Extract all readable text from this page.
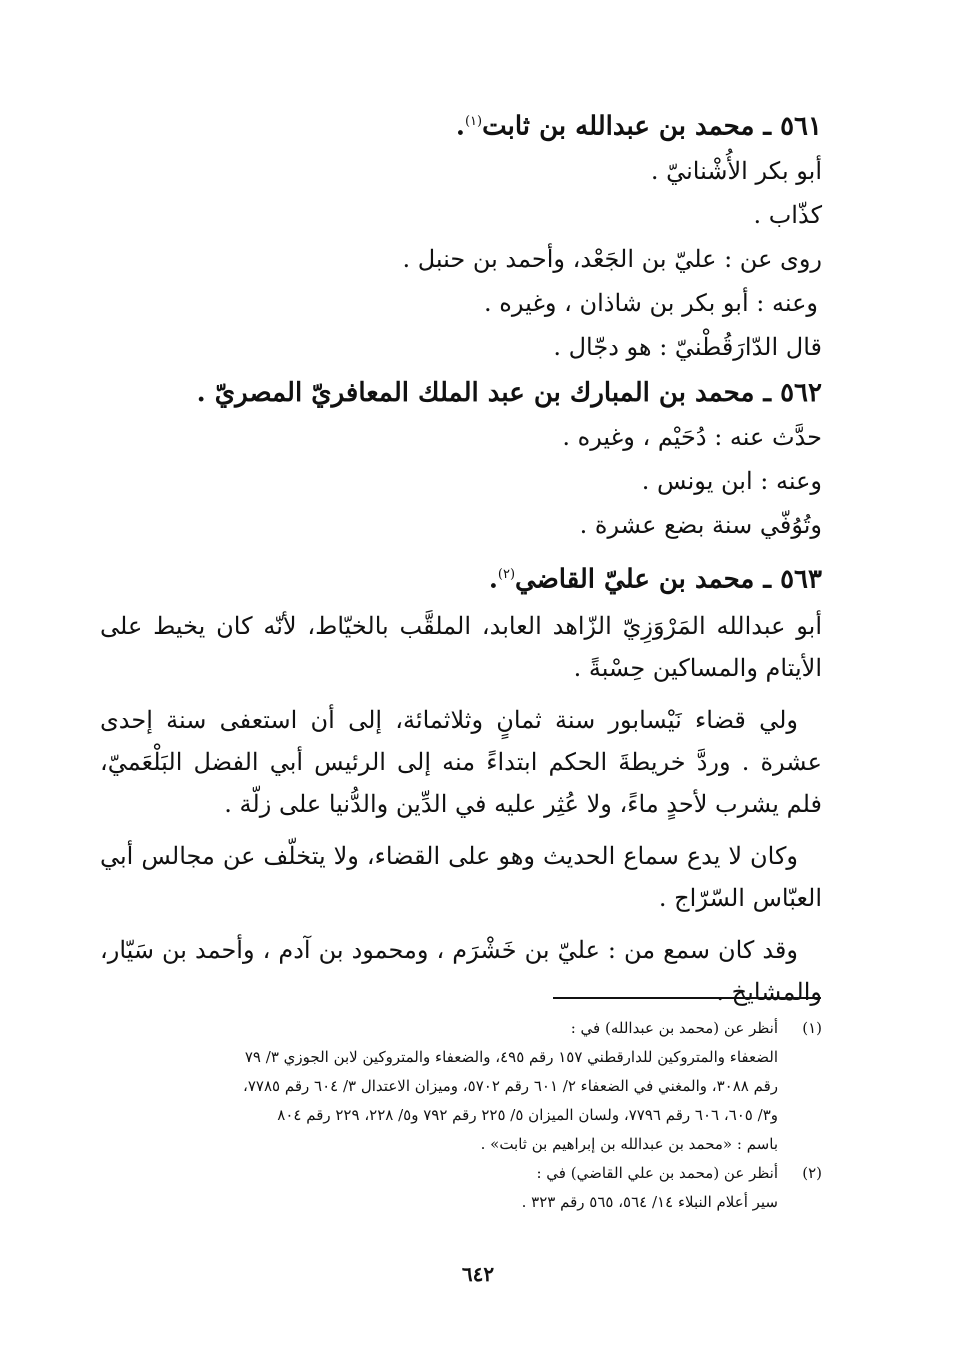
٥٦١ ـ محمد بن عبدالله بن ثابت$^{(١)}$.

أبو بكر الأُشْنانيّ .

كذّاب .

روى عن : عليّ بن الجَعْد، وأحمد بن حنبل .

وعنه : أبو بكر بن شاذان ، وغيره .

قال الدّارَقُطْنيّ : هو دجّال .

٥٦٢ ـ محمد بن المبارك بن عبد الملك المعافريّ المصريّ .

حدَّث عنه : دُحَيْم ، وغيره .

وعنه : ابن يونس .

وتُوُفّي سنة بضع عشرة .

٥٦٣ ـ محمد بن عليّ القاضي$^{(٢)}$.

أبو عبدالله المَرْوَزِيّ الزّاهد العابد، الملقَّب بالخيّاط، لأنّه كان يخيط على الأيتام والمساكين حِسْبةً .

ولي قضاء نَيْسابور سنة ثمانٍ وثلاثمائة، إلى أن استعفى سنة إحدى عشرة . وردَّ خريطةَ الحكم ابتداءً منه إلى الرئيس أبي الفضل البَلْعَميّ، فلم يشرب لأحدٍ ماءً، ولا عُثِر عليه في الدِّين والدُّنيا على زلّة .

وكان لا يدع سماع الحديث وهو على القضاء، ولا يتخلّف عن مجالس أبي العبّاس السّرّاج .

وقد كان سمع من : عليّ بن خَشْرَم ، ومحمود بن آدم ، وأحمد بن سَيّار، والمشايخ .

(١)
أنظر عن (محمد بن عبدالله) في :
الضعفاء والمتروكين للدارقطني ١٥٧ رقم ٤٩٥، والضعفاء والمتروكين لابن الجوزي ٣/ ٧٩
رقم ٣٠٨٨، والمغني في الضعفاء ٢/ ٦٠١ رقم ٥٧٠٢، وميزان الاعتدال ٣/ ٦٠٤ رقم ٧٧٨٥،
و٣/ ٦٠٥، ٦٠٦ رقم ٧٧٩٦، ولسان الميزان ٥/ ٢٢٥ رقم ٧٩٢ و٥/ ٢٢٨، ٢٢٩ رقم ٨٠٤
باسم : «محمد بن عبدالله بن إبراهيم بن ثابت» .
(٢)
أنظر عن (محمد بن علي القاضي) في :
سير أعلام النبلاء ١٤/ ٥٦٤، ٥٦٥ رقم ٣٢٣ .
٦٤٢
